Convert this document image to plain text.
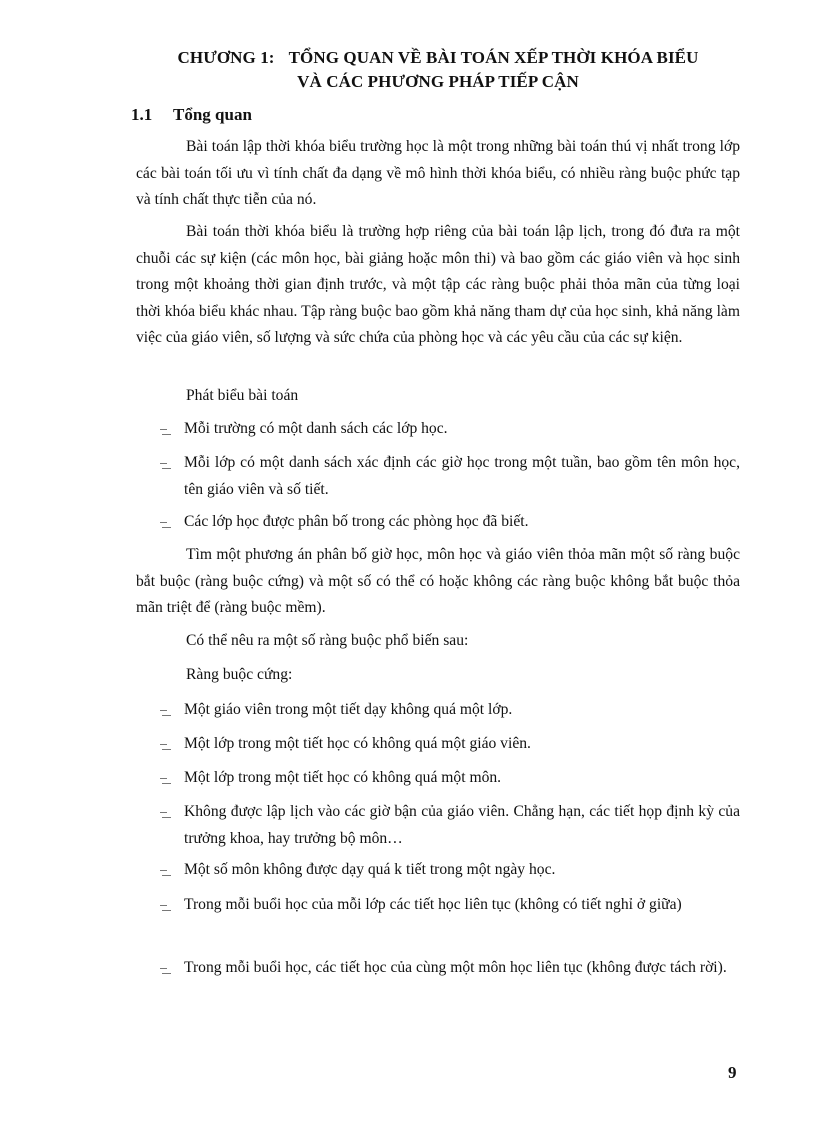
CHƯƠNG 1: TỔNG QUAN VỀ BÀI TOÁN XẾP THỜI KHÓA BIỂU
VÀ CÁC PHƯƠNG PHÁP TIẾP CẬN
1.1 Tổng quan

Bài toán lập thời khóa biểu trường học là một trong những bài toán thú vị nhất trong lớp các bài toán tối ưu vì tính chất đa dạng về mô hình thời khóa biểu, có nhiều ràng buộc phức tạp và tính chất thực tiễn của nó.

Bài toán thời khóa biểu là trường hợp riêng của bài toán lập lịch, trong đó đưa ra một chuỗi các sự kiện (các môn học, bài giảng hoặc môn thi) và bao gồm các giáo viên và học sinh trong một khoảng thời gian định trước, và một tập các ràng buộc phải thỏa mãn của từng loại thời khóa biểu khác nhau. Tập ràng buộc bao gồm khả năng tham dự của học sinh, khả năng làm việc của giáo viên, số lượng và sức chứa của phòng học và các yêu cầu của các sự kiện.

Phát biểu bài toán

Mỗi trường có một danh sách các lớp học.

Mỗi lớp có một danh sách xác định các giờ học trong một tuần, bao gồm tên môn học, tên giáo viên và số tiết.

Các lớp học được phân bố trong các phòng học đã biết.

Tìm một phương án phân bố giờ học, môn học và giáo viên thỏa mãn một số ràng buộc bắt buộc (ràng buộc cứng) và một số có thể có hoặc không các ràng buộc không bắt buộc thỏa mãn triệt để (ràng buộc mềm).

Có thể nêu ra một số ràng buộc phổ biến sau:

Ràng buộc cứng:

Một giáo viên trong một tiết dạy không quá một lớp.

Một lớp trong một tiết học có không quá một giáo viên.

Một lớp trong một tiết học có không quá một môn.

Không được lập lịch vào các giờ bận của giáo viên. Chẳng hạn, các tiết họp định kỳ của trưởng khoa, hay trưởng bộ môn…

Một số môn không được dạy quá k tiết trong một ngày học.

Trong mỗi buổi học của mỗi lớp các tiết học liên tục (không có tiết nghỉ ở giữa)

Trong mỗi buổi học, các tiết học của cùng một môn học liên tục (không được tách rời).

9
